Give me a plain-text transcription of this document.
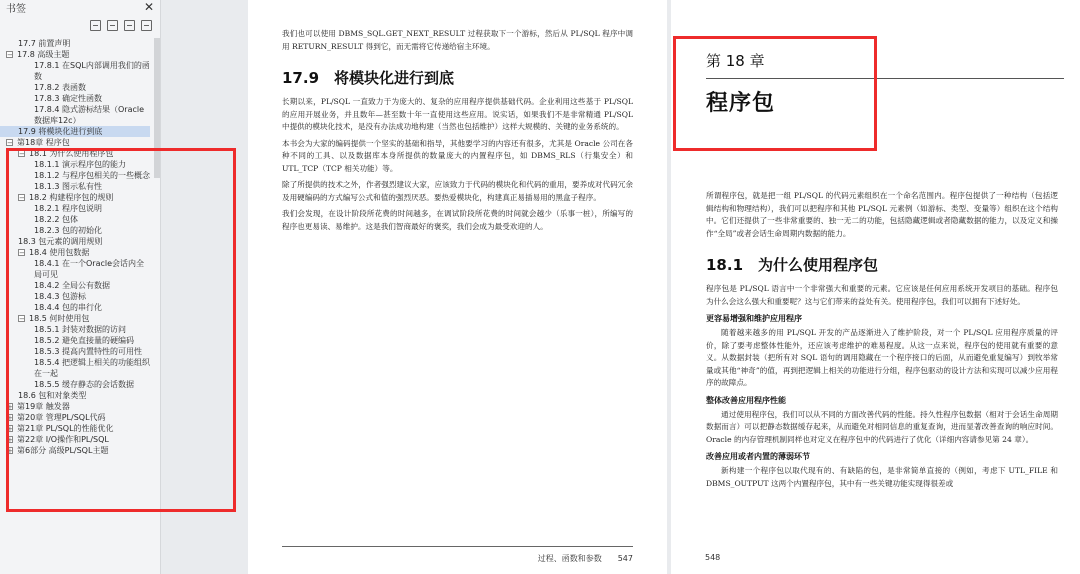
书签	✕
17.7 前置声明
− 17.8 高级主题
17.8.1 在SQL内部调用我们的函数
17.8.2 表函数
17.8.3 确定性函数
17.8.4 隐式游标结果（Oracle数据库12c）
17.9 将模块化进行到底
− 第18章 程序包
− 18.1 为什么使用程序包
18.1.1 演示程序包的能力
18.1.2 与程序包相关的一些概念
18.1.3 图示私有性
− 18.2 构建程序包的规则
18.2.1 程序包说明
18.2.2 包体
18.2.3 包的初始化
18.3 包元素的调用规则
− 18.4 使用包数据
18.4.1 在一个Oracle会话内全局可见
18.4.2 全局公有数据
18.4.3 包游标
18.4.4 包的串行化
− 18.5 何时使用包
18.5.1 封装对数据的访问
18.5.2 避免直接量的硬编码
18.5.3 提高内置特性的可用性
18.5.4 把逻辑上相关的功能组织在一起
18.5.5 缓存静态的会话数据
18.6 包和对象类型
+ 第19章 触发器
+ 第20章 管理PL/SQL代码
+ 第21章 PL/SQL的性能优化
+ 第22章 I/O操作和PL/SQL
+ 第6部分 高级PL/SQL主题

我们也可以使用 DBMS_SQL.GET_NEXT_RESULT 过程获取下一个游标，然后从 PL/SQL 程序中调用 RETURN_RESULT 得到它，而无需将它传递给宿主环境。

17.9　将模块化进行到底

长期以来，PL/SQL 一直致力于为庞大的、复杂的应用程序提供基础代码。企业利用这些基于 PL/SQL 的应用开展业务，并且数年—甚至数十年一直使用这些应用。说实话，如果我们不是非常精通 PL/SQL 中提供的模块化技术，是没有办法成功地构建（当然也包括维护）这样大规模的、关键的业务系统的。

本书会为大家的编码提供一个坚实的基础和指导，其他要学习的内容还有很多，尤其是 Oracle 公司在各种不同的工具、以及数据库本身所提供的数量庞大的内置程序包，如 DBMS_RLS（行集安全）和 UTL_TCP（TCP 相关功能）等。

除了所提供的技术之外，作者强烈建议大家，应该致力于代码的模块化和代码的重用，要养成对代码冗余及用硬编码的方式编写公式和值的强烈厌恶。要热爱模块化，构建真正易插易用的黑盒子程序。

我们会发现，在设计阶段所花费的时间越多，在调试阶段所花费的时间就会越少（乐事一桩），所编写的程序也更易读、易维护。这是我们智商最好的褒奖，我们会成为最受欢迎的人。

过程、函数和参数　　547	548
第 18 章
程序包

所谓程序包，就是把一组 PL/SQL 的代码元素组织在一个命名范围内。程序包提供了一种结构（包括逻辑结构和物理结构），我们可以把程序和其他 PL/SQL 元素例（如游标、类型、变量等）组织在这个结构中。它们还提供了一些非常重要的、独一无二的功能，包括隐藏逻辑或者隐藏数据的能力，以及定义和操作“全局”或者会话生命周期内数据的能力。

18.1　为什么使用程序包

程序包是 PL/SQL 语言中一个非常强大和重要的元素。它应该是任何应用系统开发项目的基础。程序包为什么会这么强大和重要呢？这与它们带来的益处有关。使用程序包，我们可以拥有下述好处。

更容易增强和维护应用程序

随着越来越多的用 PL/SQL 开发的产品逐渐进入了维护阶段，对一个 PL/SQL 应用程序质量的评价，除了要考虑整体性能外，还应该考虑维护的难易程度。从这一点来说，程序包的使用就有重要的意义。从数据封装（把所有对 SQL 语句的调用隐藏在一个程序接口的后面，从而避免重复编写）到牧举常量或其他“神奇”的值，再到把逻辑上相关的功能进行分组，程序包驱动的设计方法和实现可以减少应用程序的故障点。

整体改善应用程序性能

通过使用程序包，我们可以从不同的方面改善代码的性能。持久性程序包数据（相对于会话生命周期数据而言）可以把静态数据缓存起来，从而避免对相同信息的重复查询，进而显著改善查询的响应时间。Oracle 的内存管理机制同样也对定义在程序包中的代码进行了优化（详细内容请参见第 24 章）。

改善应用或者内置的薄弱环节

新构建一个程序包以取代现有的、有缺陷的包，是非常简单直接的（例如，考虑下 UTL_FILE 和 DBMS_OUTPUT 这两个内置程序包，其中有一些关键功能实现得很差或
